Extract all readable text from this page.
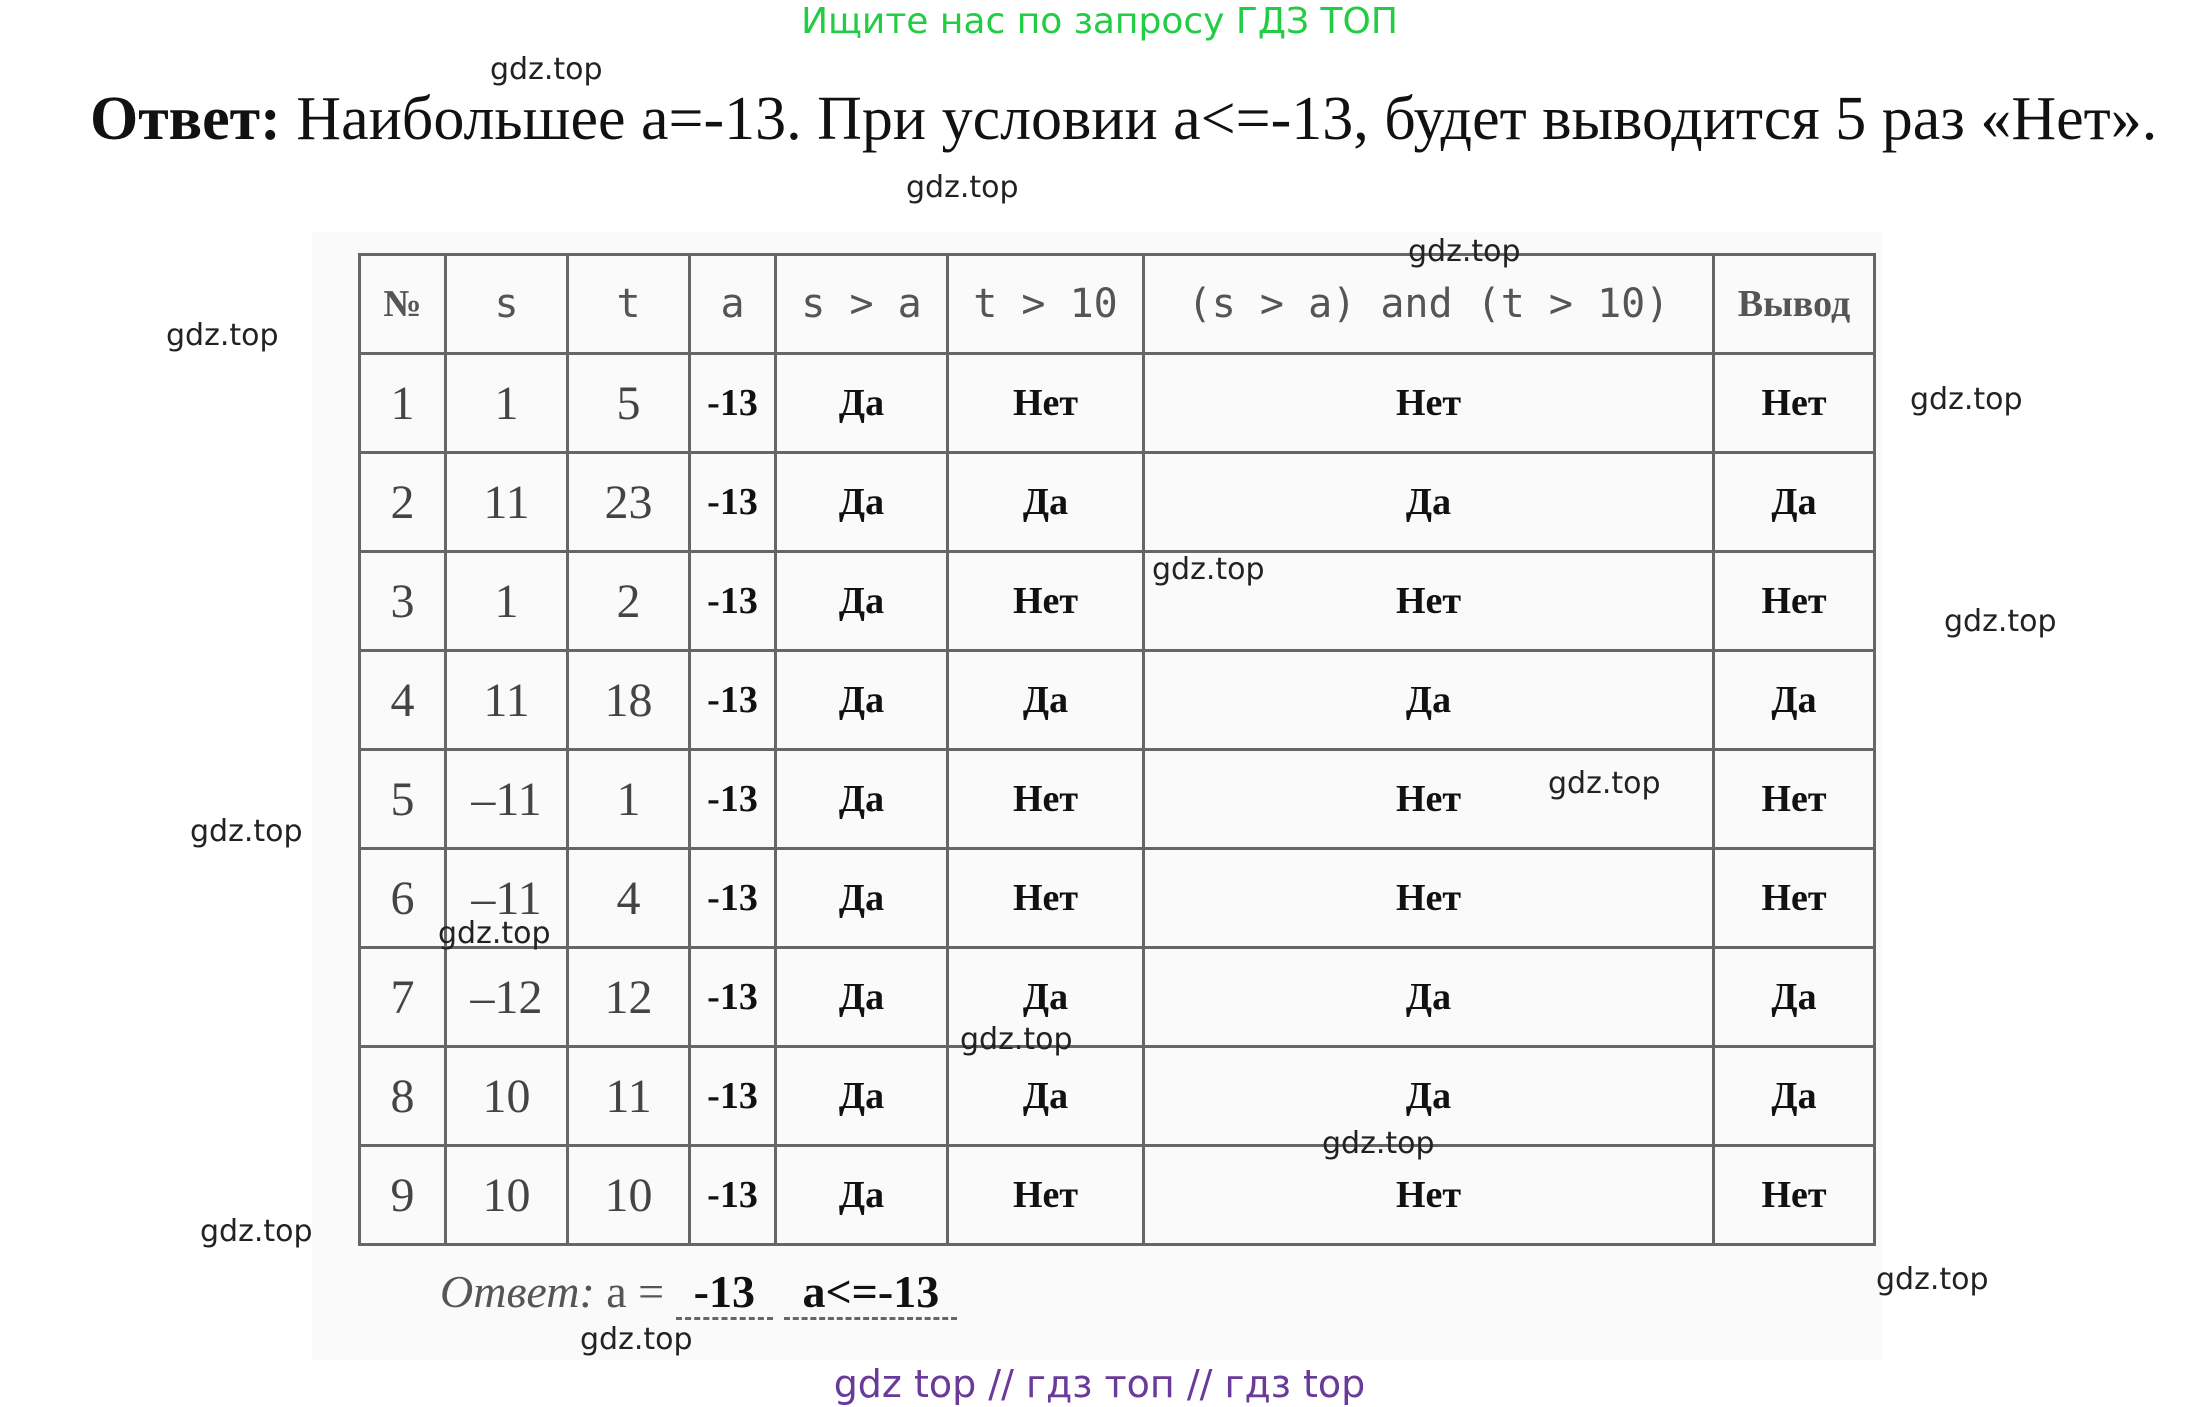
Ищите нас по запросу ГДЗ ТОП
Ответ: Наибольшее a=-13. При условии a<=-13, будет выводится 5 раз «Нет».
№	s	t	a	s > a	t > 10	(s > a) and (t > 10)	Вывод
1	1	5	-13	Да	Нет	Нет	Нет
2	11	23	-13	Да	Да	Да	Да
3	1	2	-13	Да	Нет	Нет	Нет
4	11	18	-13	Да	Да	Да	Да
5	–11	1	-13	Да	Нет	Нет	Нет
6	–11	4	-13	Да	Нет	Нет	Нет
7	–12	12	-13	Да	Да	Да	Да
8	10	11	-13	Да	Да	Да	Да
9	10	10	-13	Да	Нет	Нет	Нет
Ответ: a = -13 a<=-13
gdz.top
gdz.top
gdz.top
gdz.top
gdz.top
gdz.top
gdz.top
gdz.top
gdz.top
gdz.top
gdz.top
gdz.top
gdz.top
gdz.top
gdz.top
gdz top // гдз топ // гдз top
